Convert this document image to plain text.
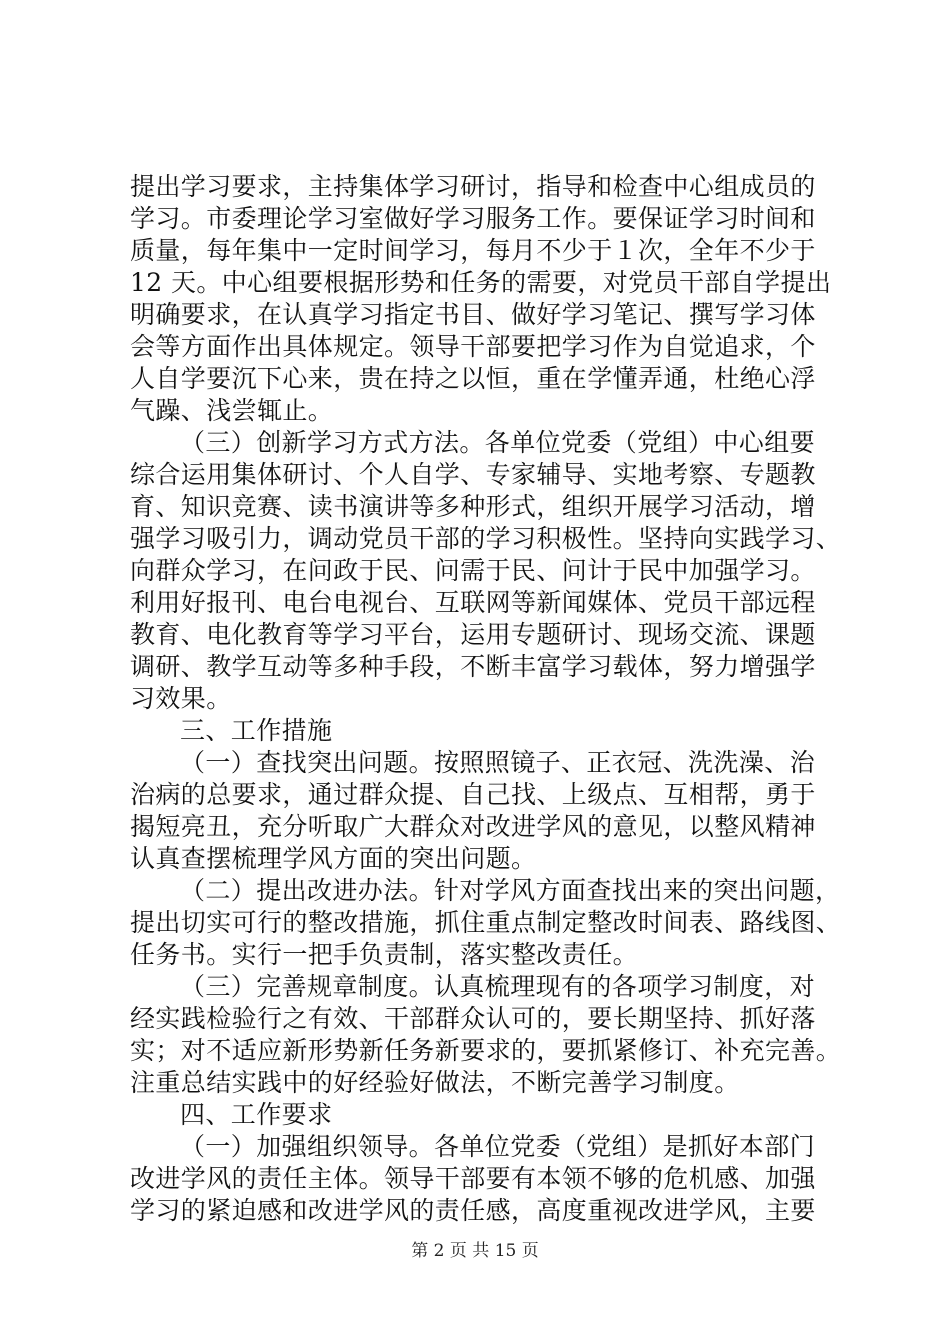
提出学习要求，主持集体学习研讨，指导和检查中心组成员的
学习。市委理论学习室做好学习服务工作。要保证学习时间和
质量，每年集中一定时间学习，每月不少于１次，全年不少于
12 天。中心组要根据形势和任务的需要，对党员干部自学提出
明确要求，在认真学习指定书目、做好学习笔记、撰写学习体
会等方面作出具体规定。领导干部要把学习作为自觉追求，个
人自学要沉下心来，贵在持之以恒，重在学懂弄通，杜绝心浮
气躁、浅尝辄止。
（三）创新学习方式方法。各单位党委（党组）中心组要
综合运用集体研讨、个人自学、专家辅导、实地考察、专题教
育、知识竞赛、读书演讲等多种形式，组织开展学习活动，增
强学习吸引力，调动党员干部的学习积极性。坚持向实践学习、
向群众学习，在问政于民、问需于民、问计于民中加强学习。
利用好报刊、电台电视台、互联网等新闻媒体、党员干部远程
教育、电化教育等学习平台，运用专题研讨、现场交流、课题
调研、教学互动等多种手段，不断丰富学习载体，努力增强学
习效果。
三、工作措施
（一）查找突出问题。按照照镜子、正衣冠、洗洗澡、治
治病的总要求，通过群众提、自己找、上级点、互相帮，勇于
揭短亮丑，充分听取广大群众对改进学风的意见，以整风精神
认真查摆梳理学风方面的突出问题。
（二）提出改进办法。针对学风方面查找出来的突出问题，
提出切实可行的整改措施，抓住重点制定整改时间表、路线图、
任务书。实行一把手负责制，落实整改责任。
（三）完善规章制度。认真梳理现有的各项学习制度，对
经实践检验行之有效、干部群众认可的，要长期坚持、抓好落
实；对不适应新形势新任务新要求的，要抓紧修订、补充完善。
注重总结实践中的好经验好做法，不断完善学习制度。
四、工作要求
（一）加强组织领导。各单位党委（党组）是抓好本部门
改进学风的责任主体。领导干部要有本领不够的危机感、加强
学习的紧迫感和改进学风的责任感，高度重视改进学风，主要
第 2 页 共 15 页
